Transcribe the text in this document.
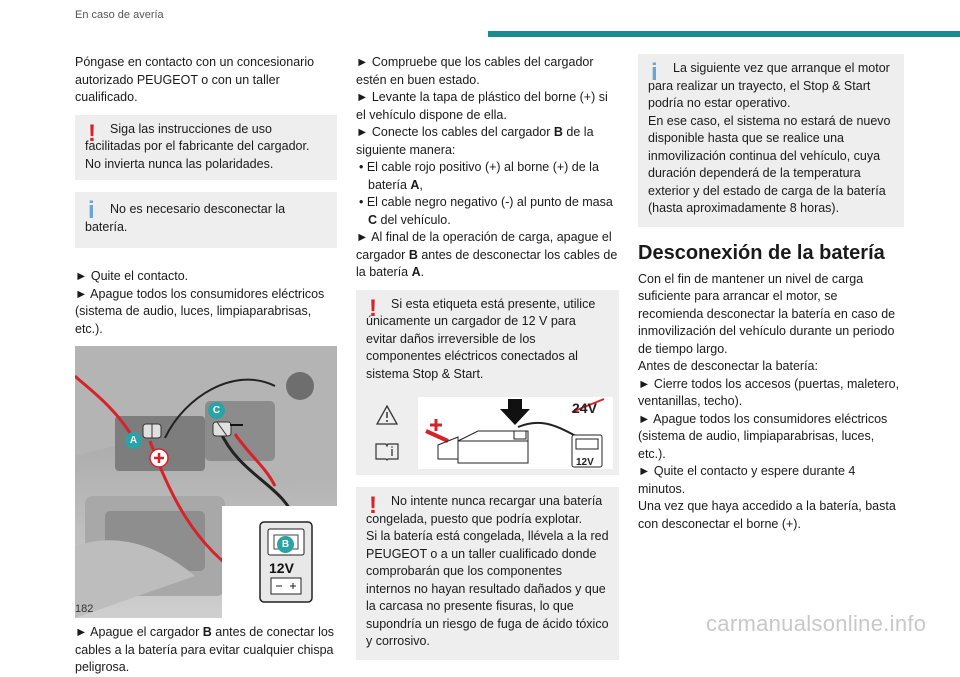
En caso de avería

Póngase en contacto con un concesionario autorizado PEUGEOT o con un taller cualificado.

!	Siga las instrucciones de uso facilitadas por el fabricante del cargador.

No invierta nunca las polaridades.

i	No es necesario desconectar la batería.

► Quite el contacto.

► Apague todos los consumidores eléctricos (sistema de audio, luces, limpiaparabrisas, etc.).

A
C
B
12V

► Apague el cargador B antes de conectar los cables a la batería para evitar cualquier chispa peligrosa.

► Compruebe que los cables del cargador estén en buen estado.

► Levante la tapa de plástico del borne (+) si el vehículo dispone de ella.

► Conecte los cables del cargador B de la siguiente manera:

• El cable rojo positivo (+) al borne (+) de la batería A,

• El cable negro negativo (-) al punto de masa C del vehículo.

► Al final de la operación de carga, apague el cargador B antes de desconectar los cables de la batería A.

!	Si esta etiqueta está presente, utilice únicamente un cargador de 12 V para evitar daños irreversible de los componentes eléctricos conectados al sistema Stop & Start.

24V
12V
!	No intente nunca recargar una batería congelada, puesto que podría explotar.

Si la batería está congelada, llévela a la red PEUGEOT o a un taller cualificado donde comprobarán que los componentes internos no hayan resultado dañados y que la carcasa no presente fisuras, lo que supondría un riesgo de fuga de ácido tóxico y corrosivo.

i	La siguiente vez que arranque el motor para realizar un trayecto, el Stop & Start podría no estar operativo.

En ese caso, el sistema no estará de nuevo disponible hasta que se realice una inmovilización continua del vehículo, cuya duración dependerá de la temperatura exterior y del estado de carga de la batería (hasta aproximadamente 8 horas).

Desconexión de la batería

Con el fin de mantener un nivel de carga suficiente para arrancar el motor, se recomienda desconectar la batería en caso de inmovilización del vehículo durante un periodo de tiempo largo.

Antes de desconectar la batería:

► Cierre todos los accesos (puertas, maletero, ventanillas, techo).

► Apague todos los consumidores eléctricos (sistema de audio, limpiaparabrisas, luces, etc.).

► Quite el contacto y espere durante 4 minutos.

Una vez que haya accedido a la batería, basta con desconectar el borne (+).

182
carmanualsonline.info
